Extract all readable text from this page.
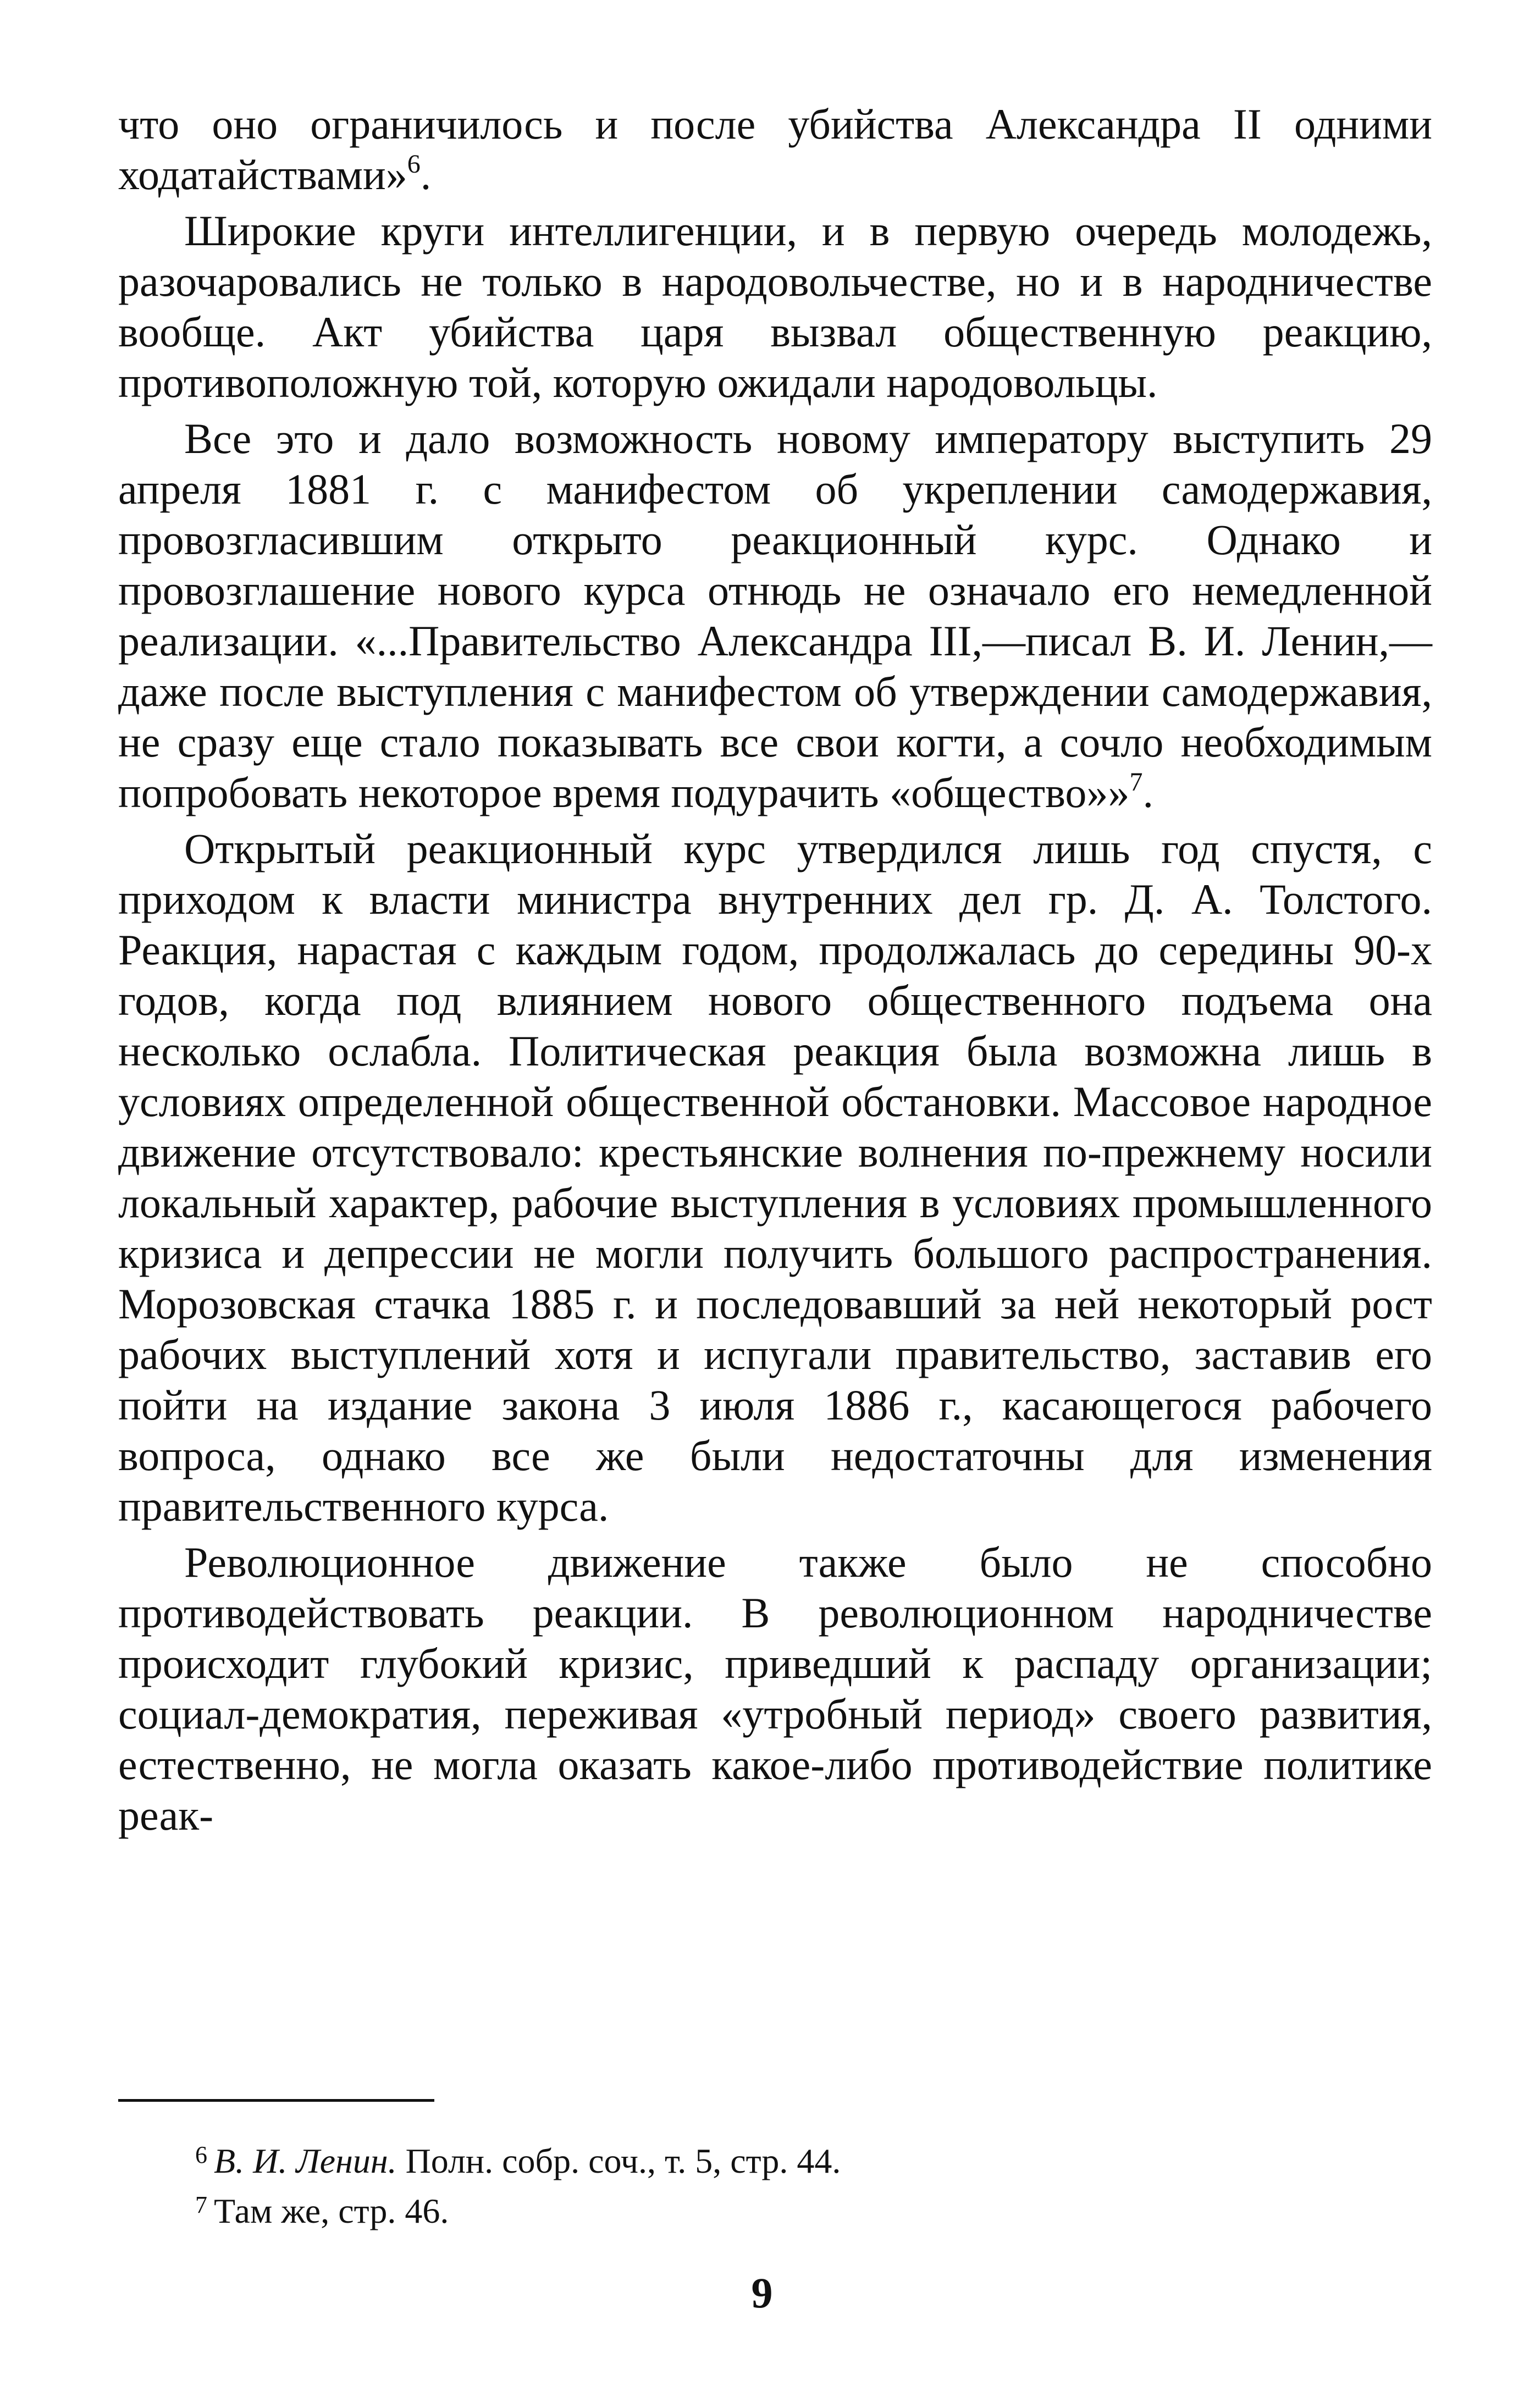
что оно ограничилось и после убийства Александра II одними ходатайствами»$^6$.

Широкие круги интеллигенции, и в первую очередь молодежь, разочаровались не только в народовольчестве, но и в народничестве вообще. Акт убийства царя вызвал общественную реакцию, противоположную той, которую ожидали народовольцы.

Все это и дало возможность новому императору выступить 29 апреля 1881 г. с манифестом об укреплении самодержавия, провозгласившим открыто реакционный курс. Однако и провозглашение нового курса отнюдь не означало его немедленной реализации. «...Правительство Александра III,—писал В. И. Ленин,—даже после выступления с манифестом об утверждении самодержавия, не сразу еще стало показывать все свои когти, а сочло необходимым попробовать некоторое время подурачить «общество»»$^7$.

Открытый реакционный курс утвердился лишь год спустя, с приходом к власти министра внутренних дел гр. Д. А. Толстого. Реакция, нарастая с каждым годом, продолжалась до середины 90-х годов, когда под влиянием нового общественного подъема она несколько ослабла. Политическая реакция была возможна лишь в условиях определенной общественной обстановки. Массовое народное движение отсутствовало: крестьянские волнения по-прежнему носили локальный характер, рабочие выступления в условиях промышленного кризиса и депрессии не могли получить большого распространения. Морозовская стачка 1885 г. и последовавший за ней некоторый рост рабочих выступлений хотя и испугали правительство, заставив его пойти на издание закона 3 июля 1886 г., касающегося рабочего вопроса, однако все же были недостаточны для изменения правительственного курса.

Революционное движение также было не способно противодействовать реакции. В революционном народничестве происходит глубокий кризис, приведший к распаду организации; социал-демократия, переживая «утробный период» своего развития, естественно, не могла оказать какое-либо противодействие политике реак-

$^6$ В. И. Ленин. Полн. собр. соч., т. 5, стр. 44.

$^7$ Там же, стр. 46.

9
